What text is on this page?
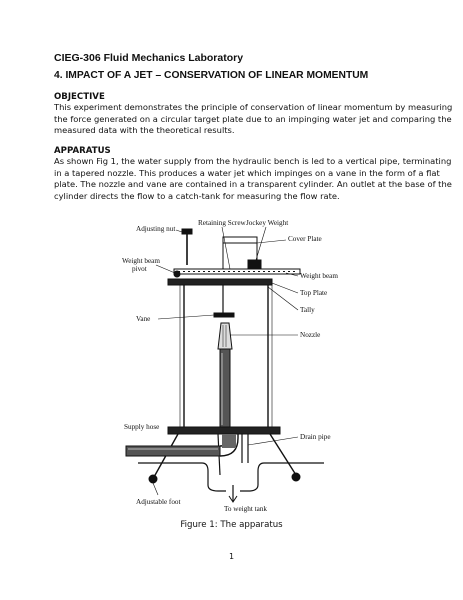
CIEG-306 Fluid Mechanics Laboratory
4. IMPACT OF A JET – CONSERVATION OF LINEAR MOMENTUM
OBJECTIVE
This experiment demonstrates the principle of conservation of linear momentum by measuring
the force generated on a circular target plate due to an impinging water jet and comparing the
measured data with the theoretical results.
APPARATUS
As shown Fig 1, the water supply from the hydraulic bench is led to a vertical pipe, terminating
in a tapered nozzle. This produces a water jet which impinges on a vane in the form of a flat
plate. The nozzle and vane are contained in a transparent cylinder. An outlet at the base of the
cylinder directs the flow to a catch-tank for measuring the flow rate.
Adjusting nut
Retaining Screw Jockey Weight
Cover Plate
Weight beam
pivot
Weight beam
Top Plate
Tally
Vane
Nozzle
Supply hose
Drain pipe
Adjustable foot
To weight tank
Figure 1: The apparatus
1
